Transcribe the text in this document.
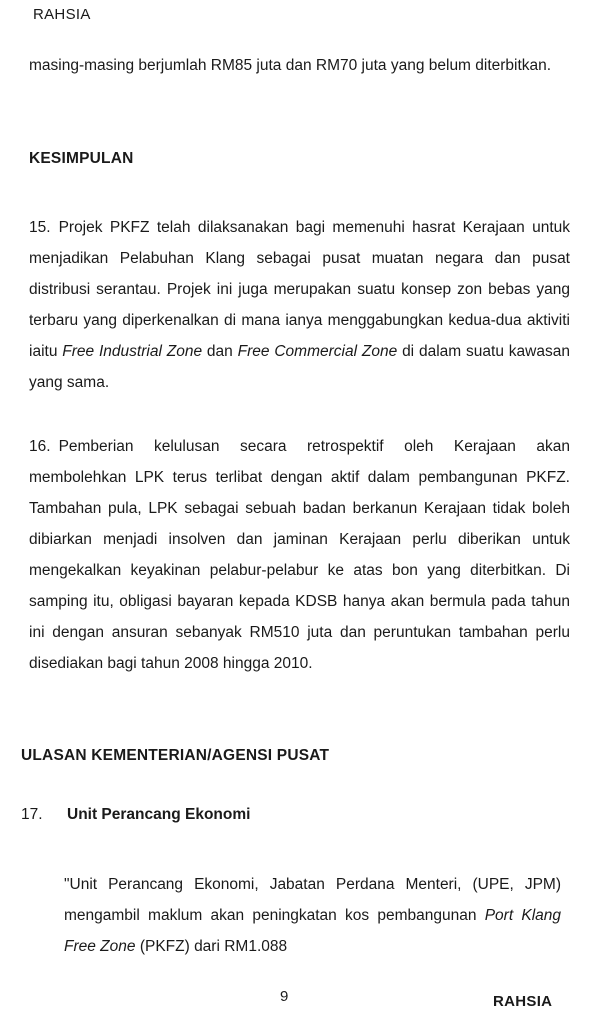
RAHSIA

masing-masing berjumlah RM85 juta dan RM70 juta yang belum diterbitkan.

KESIMPULAN

15. Projek PKFZ telah dilaksanakan bagi memenuhi hasrat Kerajaan untuk menjadikan Pelabuhan Klang sebagai pusat muatan negara dan pusat distribusi serantau. Projek ini juga merupakan suatu konsep zon bebas yang terbaru yang diperkenalkan di mana ianya menggabungkan kedua-dua aktiviti iaitu Free Industrial Zone dan Free Commercial Zone di dalam suatu kawasan yang sama.

16. Pemberian kelulusan secara retrospektif oleh Kerajaan akan membolehkan LPK terus terlibat dengan aktif dalam pembangunan PKFZ. Tambahan pula, LPK sebagai sebuah badan berkanun Kerajaan tidak boleh dibiarkan menjadi insolven dan jaminan Kerajaan perlu diberikan untuk mengekalkan keyakinan pelabur-pelabur ke atas bon yang diterbitkan. Di samping itu, obligasi bayaran kepada KDSB hanya akan bermula pada tahun ini dengan ansuran sebanyak RM510 juta dan peruntukan tambahan perlu disediakan bagi tahun 2008 hingga 2010.

ULASAN KEMENTERIAN/AGENSI PUSAT
17. Unit Perancang Ekonomi

"Unit Perancang Ekonomi, Jabatan Perdana Menteri, (UPE, JPM) mengambil maklum akan peningkatan kos pembangunan Port Klang Free Zone (PKFZ) dari RM1.088

9	RAHSIA
